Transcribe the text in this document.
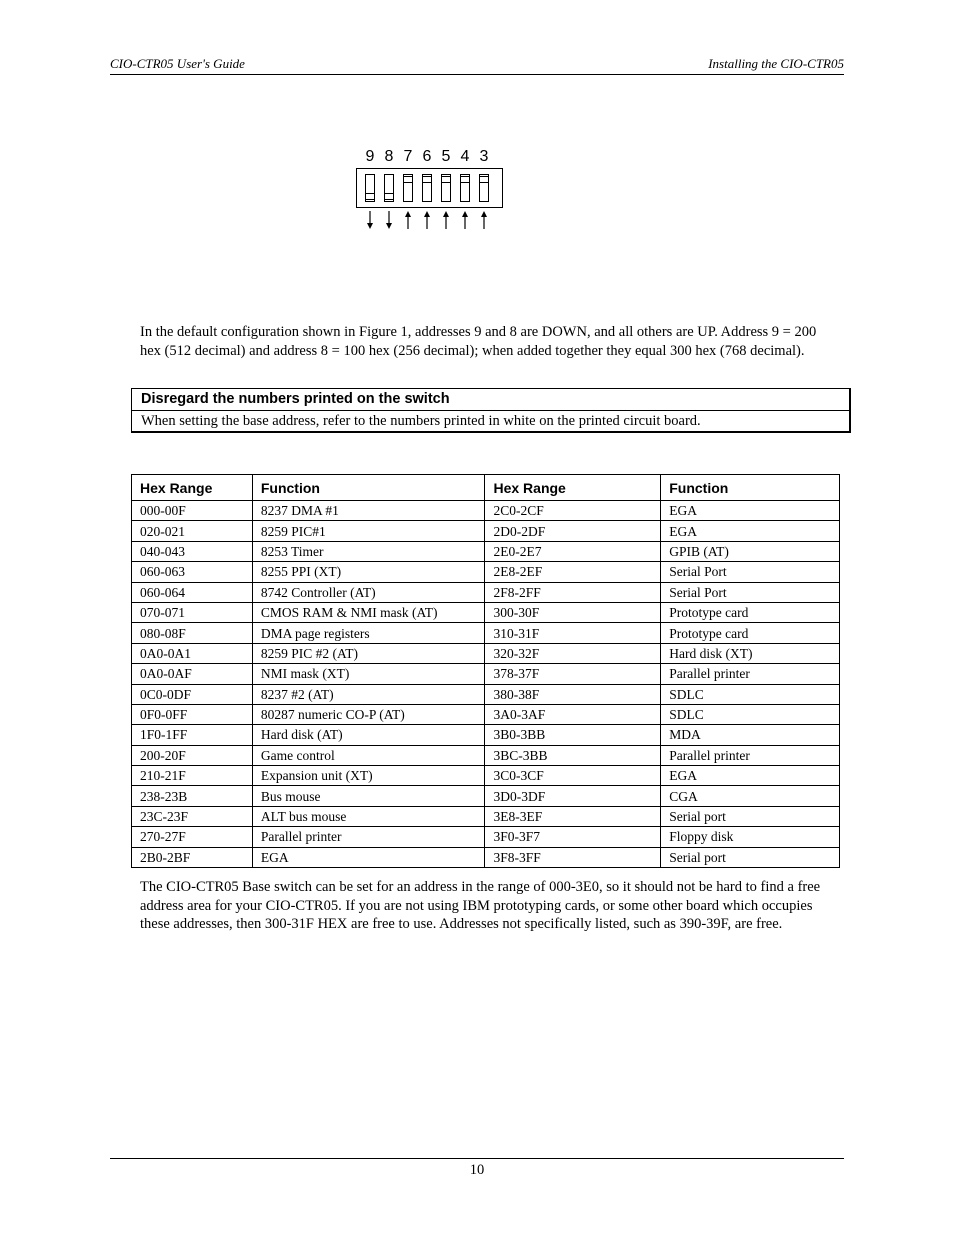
CIO-CTR05 User's Guide	Installing the CIO-CTR05
9 8 7 6 5 4 3

In the default configuration shown in Figure 1, addresses 9 and 8 are DOWN, and all others are UP. Address 9 = 200 hex (512 decimal) and address 8 = 100 hex (256 decimal); when added together they equal 300 hex (768 decimal).

Disregard the numbers printed on the switch
When setting the base address, refer to the numbers printed in white on the printed circuit board.
Hex Range	Function	Hex Range	Function
000-00F	8237 DMA #1	2C0-2CF	EGA
020-021	8259 PIC#1	2D0-2DF	EGA
040-043	8253 Timer	2E0-2E7	GPIB (AT)
060-063	8255 PPI (XT)	2E8-2EF	Serial Port
060-064	8742 Controller (AT)	2F8-2FF	Serial Port
070-071	CMOS RAM & NMI mask (AT)	300-30F	Prototype card
080-08F	DMA page registers	310-31F	Prototype card
0A0-0A1	8259 PIC #2 (AT)	320-32F	Hard disk (XT)
0A0-0AF	NMI mask (XT)	378-37F	Parallel printer
0C0-0DF	8237 #2 (AT)	380-38F	SDLC
0F0-0FF	80287 numeric CO-P (AT)	3A0-3AF	SDLC
1F0-1FF	Hard disk (AT)	3B0-3BB	MDA
200-20F	Game control	3BC-3BB	Parallel printer
210-21F	Expansion unit (XT)	3C0-3CF	EGA
238-23B	Bus mouse	3D0-3DF	CGA
23C-23F	ALT bus mouse	3E8-3EF	Serial port
270-27F	Parallel printer	3F0-3F7	Floppy disk
2B0-2BF	EGA	3F8-3FF	Serial port

The CIO-CTR05 Base switch can be set for an address in the range of 000-3E0, so it should not be hard to find a free address area for your CIO-CTR05. If you are not using IBM prototyping cards, or some other board which occupies these addresses, then 300-31F HEX are free to use. Addresses not specifically listed, such as 390-39F, are free.

10
